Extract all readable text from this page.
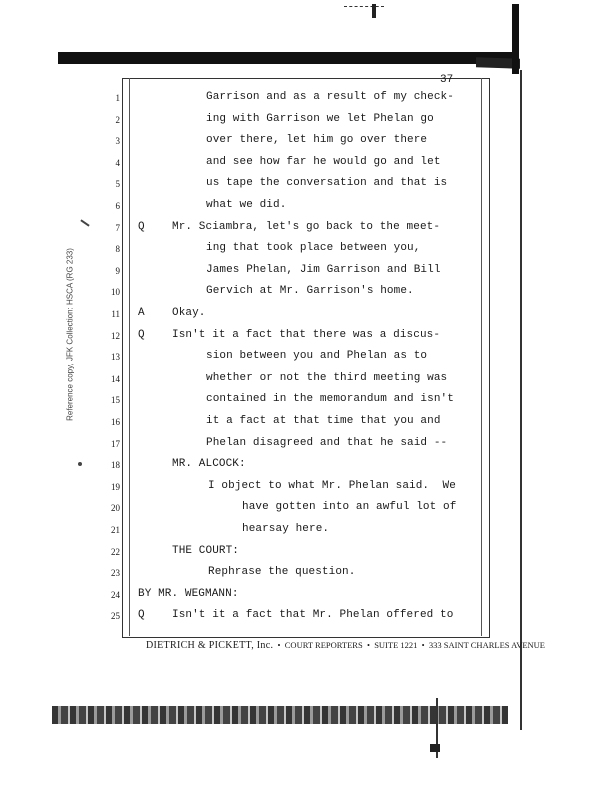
Reference copy, JFK Collection: HSCA (RG 233)
37
1	Garrison and as a result of my check-
2	ing with Garrison we let Phelan go
3	over there, let him go over there
4	and see how far he would go and let
5	us tape the conversation and that is
6	what we did.
7 Q Mr. Sciambra, let's go back to the meet-
8	ing that took place between you,
9	James Phelan, Jim Garrison and Bill
10	Gervich at Mr. Garrison's home.
11 A Okay.
12 Q Isn't it a fact that there was a discus-
13	sion between you and Phelan as to
14	whether or not the third meeting was
15	contained in the memorandum and isn't
16	it a fact at that time that you and
17	Phelan disagreed and that he said --
18	MR. ALCOCK:
19	I object to what Mr. Phelan said.  We
20	have gotten into an awful lot of
21	hearsay here.
22	THE COURT:
23	Rephrase the question.
24 BY MR. WEGMANN:
25 Q Isn't it a fact that Mr. Phelan offered to
DIETRICH & PICKETT, Inc. • COURT REPORTERS • SUITE 1221 • 333 SAINT CHARLES AVENUE
